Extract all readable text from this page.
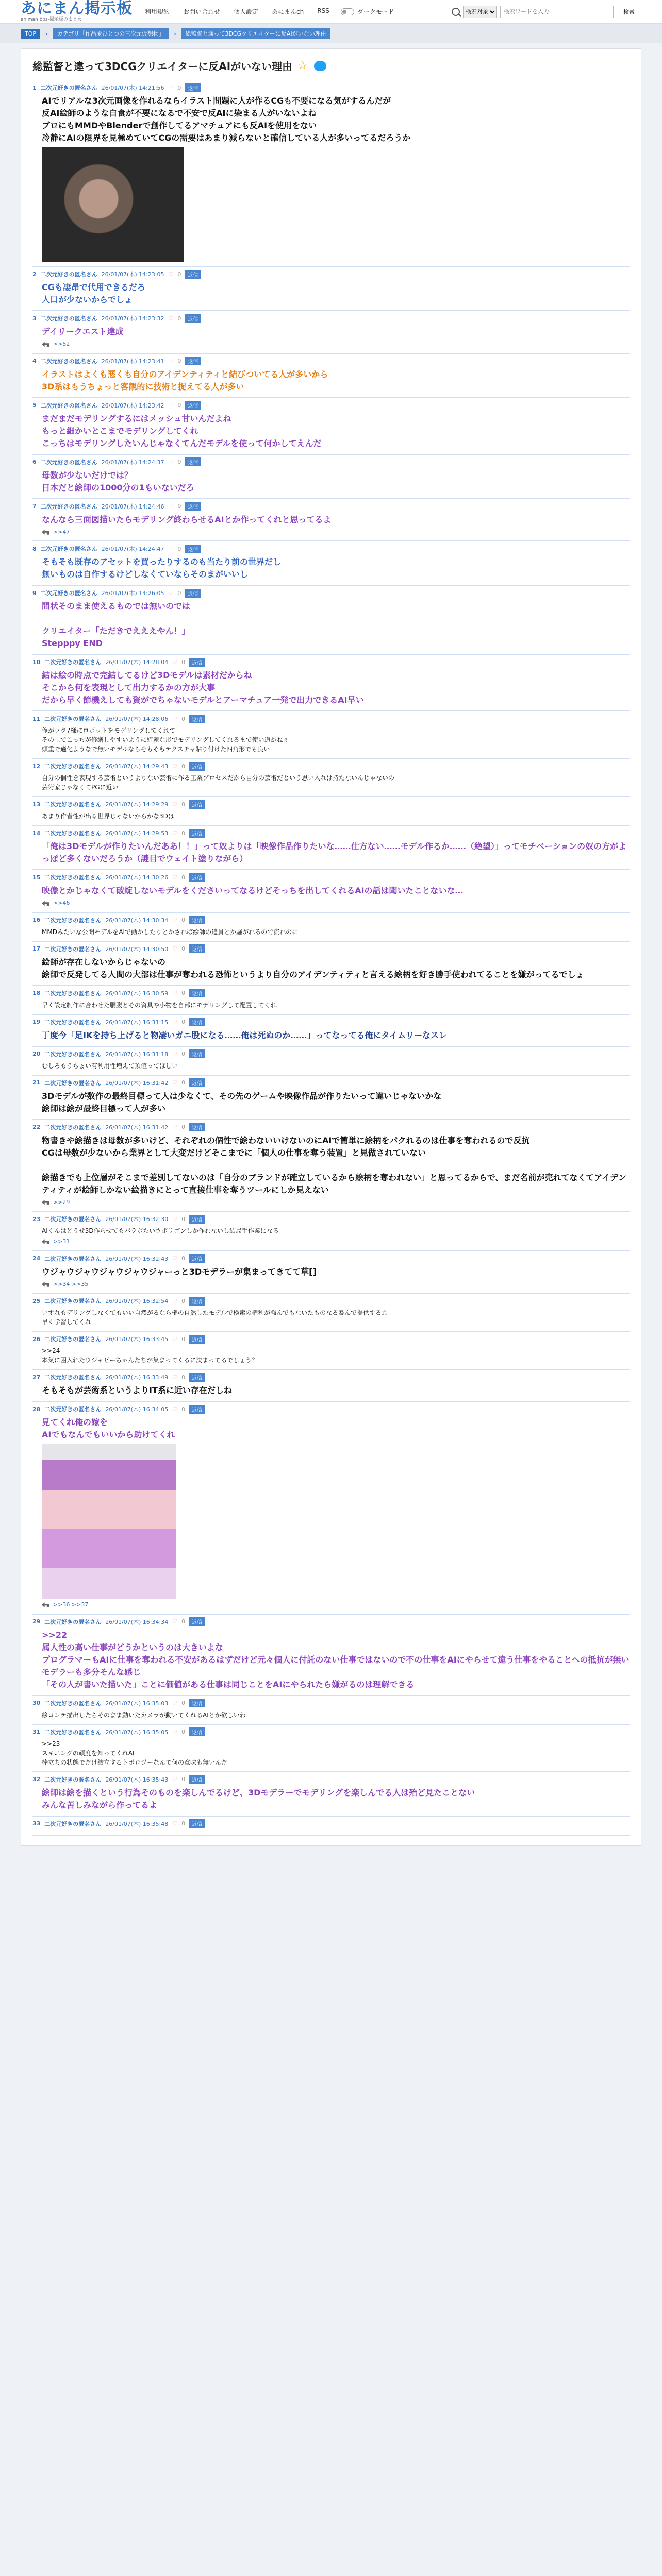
あにまん掲示板
animan bbs-掲示板のまとめ
利用規約 お問い合わせ 個人設定 あにまんch RSS	ダークモード
検索対象
検索ワードを入力	検索
TOP	›	カテゴリ「作品愛ひとつの三次元仮想物」	›	総監督と通って3DCGクリエイターに反AIがいない理由
総監督と違って3DCGクリエイターに反AIがいない理由 ☆
1 二次元好きの匿名さん 26/01/07(木) 14:21:56 ♡ 0	返信

AIでリアルな3次元画像を作れるならイラスト問題に人が作るCGも不要になる気がするんだが
反AI絵師のような自食が不要になるで不安で反AIに染まる人がいないよね
ブロにもMMDやBlenderで創作してるアマチュアにも反AIを使用をない
冷静にAIの限界を見極めていてCGの需要はあまり減らないと確信している人が多いってるだろうか

2 二次元好きの匿名さん 26/01/07(木) 14:23:05 ♡ 0	返信

CGも凄昂で代用できるだろ
人口が少ないからでしょ

3 二次元好きの匿名さん 26/01/07(木) 14:23:32 ♡ 0	返信

デイリークエスト達成

>>52
4 二次元好きの匿名さん 26/01/07(木) 14:23:41 ♡ 0	返信

イラストはよくも悪くも自分のアイデンティティと結びついてる人が多いから
3D系はもうちょっと客観的に技術と捉えてる人が多い

5 二次元好きの匿名さん 26/01/07(木) 14:23:42 ♡ 0	返信

まだまだモデリングするにはメッシュ甘いんだよね
もっと細かいとこまでモデリングしてくれ
こっちはモデリングしたいんじゃなくてんだモデルを使って何かしてえんだ

6 二次元好きの匿名さん 26/01/07(木) 14:24:37 ♡ 0	返信

母数が少ないだけでは？
日本だと絵師の1000分の1もいないだろ

7 二次元好きの匿名さん 26/01/07(木) 14:24:46 ♡ 0	返信

なんなら三面図描いたらモデリング終わらせるAIとか作ってくれと思ってるよ

>>47
8 二次元好きの匿名さん 26/01/07(木) 14:24:47 ♡ 0	返信

そもそも既存のアセットを買ったりするのも当たり前の世界だし
無いものは自作するけどしなくていならそのまがいいし

9 二次元好きの匿名さん 26/01/07(木) 14:26:05 ♡ 0	返信

間状そのまま使えるものでは無いのでは

クリエイター「ただきでえええやん！」
Stepppy END

10 二次元好きの匿名さん 26/01/07(木) 14:28:04 ♡ 0	返信

結は絵の時点で完結してるけど3Dモデルは素材だからね
そこから何を表現として出力するかの方が大事
だから早く節機えしても資がでちゃないモデルとアーマチュア一発で出力できるAI早い

11 二次元好きの匿名さん 26/01/07(木) 14:28:06 ♡ 0	返信

俺がラク7様にロボットをモデリングしてくれて
その上でこっちが修繕しやすいように綺麗な形でモデリングしてくれるまで使い道がねぇ
頭重で適化ようなで無いモデルならそもそもテクスチャ貼り付けた四角形でも良い

12 二次元好きの匿名さん 26/01/07(木) 14:29:43 ♡ 0	返信

自分の個性を表現する芸術というよりない芸術に作る工業プロセスだから自分の芸術だという思い入れは持たないんじゃないの
芸術家じゃなくてPGに近い

13 二次元好きの匿名さん 26/01/07(木) 14:29:29 ♡ 0	返信

あまり作者性が出る世界じゃないからかな3Dは

14 二次元好きの匿名さん 26/01/07(木) 14:29:53 ♡ 0	返信

「俺は3Dモデルが作りたいんだああ！！」って奴よりは「映像作品作りたいな……仕方ない……モデル作るか……（絶望）」ってモチベーションの奴の方がよっぽど多くないだろうか（謎目でウェイト塗りながら）

15 二次元好きの匿名さん 26/01/07(木) 14:30:26 ♡ 0	返信

映像とかじゃなくて破綻しないモデルをくださいってなるけどそっちを出してくれるAIの話は聞いたことないな…

>>46
16 二次元好きの匿名さん 26/01/07(木) 14:30:34 ♡ 0	返信

MMDみたいな公開モデルをAIで動かしたりとかされば絵師の追員とか騒がれるので流れのに

17 二次元好きの匿名さん 26/01/07(木) 14:30:50 ♡ 0	返信

絵師が存在しないからじゃないの
絵師で反発してる人間の大部は仕事が奪われる恐怖というより自分のアイデンティティと言える絵柄を好き勝手使われてることを嫌がってるでしょ

18 二次元好きの匿名さん 26/01/07(木) 16:30:59 ♡ 0	返信

早く設定制作に合わせた胴腹とその資具や小物を自部にモデリングして配置してくれ

19 二次元好きの匿名さん 26/01/07(木) 16:31:15 ♡ 0	返信

丁度今「足IKを持ち上げると物凄いガニ股になる……俺は死ぬのか……」ってなってる俺にタイムリーなスレ

20 二次元好きの匿名さん 26/01/07(木) 16:31:18 ♡ 0	返信

むしろもうちょい有利用性増えて頂値ってほしい

21 二次元好きの匿名さん 26/01/07(木) 16:31:42 ♡ 0	返信

3Dモデルが数作の最終目標って人は少なくて、その先のゲームや映像作品が作りたいって違いじゃないかな
絵師は絵が最終目標って人が多い

22 二次元好きの匿名さん 26/01/07(木) 16:31:42 ♡ 0	返信

物書きや絵描きは母数が多いけど、それぞれの個性で絵わないいけないのにAIで簡単に絵柄をパクれるのは仕事を奪われるので反抗
CGは母数が少ないから業界として大変だけどそこまでに「個人の仕事を奪う装置」と見做されていない

絵描きでも上位層がそこまで差別してないのは「自分のブランドが確立しているから絵柄を奪われない」と思ってるからで、まだ名前が売れてなくてアイデンティティが絵師しかない絵描きにとって直接仕事を奪うツールにしか見えない

>>29
23 二次元好きの匿名さん 26/01/07(木) 16:32:30 ♡ 0	返信

AIくんはどうせ3D作らせてもパラポたいさポリゴンしか作れないし結局手作業になる

>>31
24 二次元好きの匿名さん 26/01/07(木) 16:32:43 ♡ 0	返信

ウジャウジャウジャウジャウジャーっと3Dモデラーが集まってきてて草[]

>>34 >>35
25 二次元好きの匿名さん 26/01/07(木) 16:32:54 ♡ 0	返信

いずれもデリングしなくてもいい自然がるなら権の自然したモデルで検索の権利が強んでもないたものなる暴んで提供するわ
早く学習してくれ

26 二次元好きの匿名さん 26/01/07(木) 16:33:45 ♡ 0	返信

>>24
本気に困入れたウジャピーちゃんたちが集まってくるに決まってるでしょう？

27 二次元好きの匿名さん 26/01/07(木) 16:33:49 ♡ 0	返信

そもそもが芸術系というよりIT系に近い存在だしね

28 二次元好きの匿名さん 26/01/07(木) 16:34:05 ♡ 0	返信

見てくれ俺の嫁を
AIでもなんでもいいから助けてくれ

>>36 >>37
29 二次元好きの匿名さん 26/01/07(木) 16:34:34 ♡ 0	返信

>>22
属人性の高い仕事がどうかというのは大きいよな
プログラマーもAIに仕事を奪われる不安があるはずだけど元々個人に付託のない仕事ではないので不の仕事をAIにやらせて違う仕事をやることへの抵抗が無い
モデラーも多分そんな感じ
「その人が書いた描いた」ことに価値がある仕事は同じことをAIにやられたら嫌がるのは理解できる

30 二次元好きの匿名さん 26/01/07(木) 16:35:03 ♡ 0	返信

絵コンテ描出したらそのまま動いたカメラが動いてくれるAIとか欲しいわ

31 二次元好きの匿名さん 26/01/07(木) 16:35:05 ♡ 0	返信

>>23
スキニングの頑度を知ってくれAI
棒立ちの状態でだけ結立するトボロジーなんて何の意味も無いんだ

32 二次元好きの匿名さん 26/01/07(木) 16:35:43 ♡ 0	返信

絵師は絵を描くという行為そのものを楽しんでるけど、3Dモデラーでモデリングを楽しんでる人は殆ど見たことない
みんな苦しみながら作ってるよ

33 二次元好きの匿名さん 26/01/07(木) 16:35:48 ♡ 0	返信
